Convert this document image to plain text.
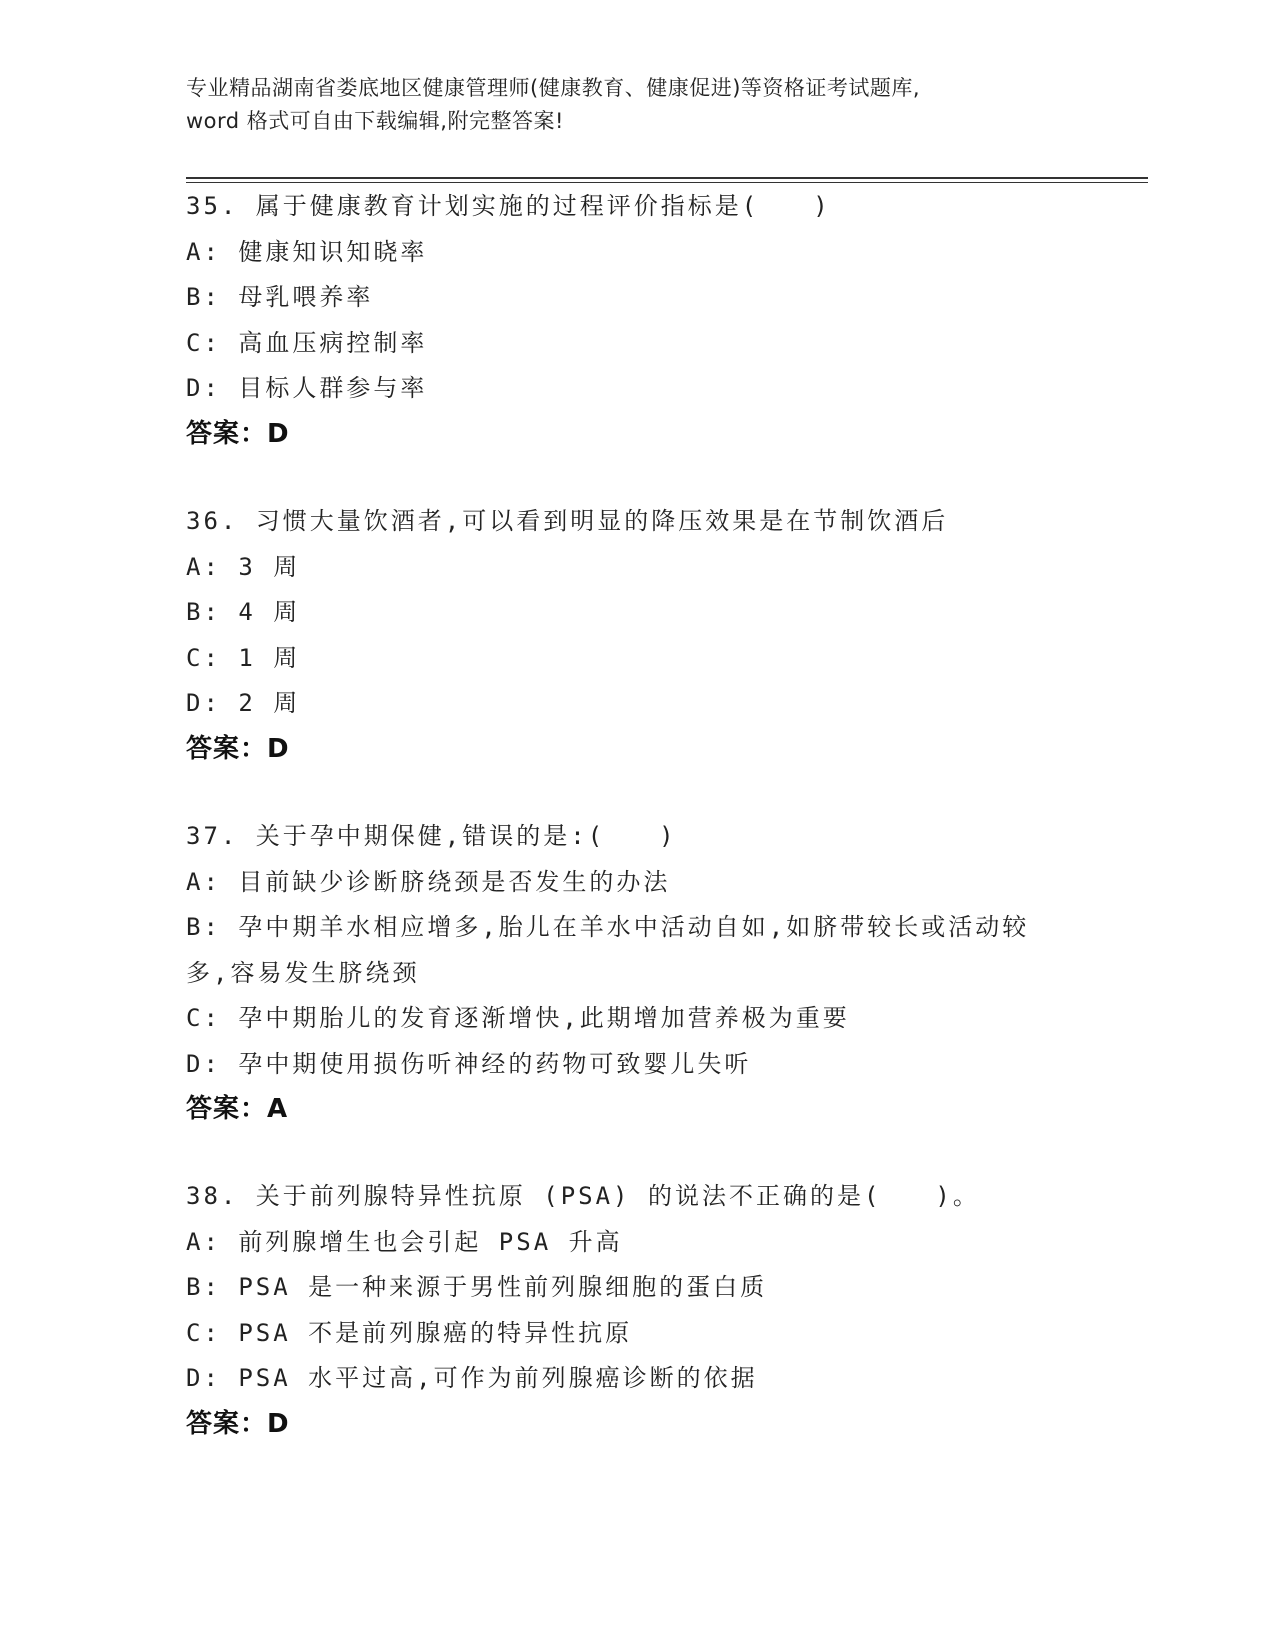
专业精品湖南省娄底地区健康管理师(健康教育、健康促进)等资格证考试题库,
word 格式可自由下载编辑,附完整答案!
35. 属于健康教育计划实施的过程评价指标是(　　)
A: 健康知识知晓率
B: 母乳喂养率
C: 高血压病控制率
D: 目标人群参与率
答案：D
36. 习惯大量饮酒者,可以看到明显的降压效果是在节制饮酒后
A: 3 周
B: 4 周
C: 1 周
D: 2 周
答案：D
37. 关于孕中期保健,错误的是:(　　)
A: 目前缺少诊断脐绕颈是否发生的办法
B: 孕中期羊水相应增多,胎儿在羊水中活动自如,如脐带较长或活动较
多,容易发生脐绕颈
C: 孕中期胎儿的发育逐渐增快,此期增加营养极为重要
D: 孕中期使用损伤听神经的药物可致婴儿失听
答案：A
38. 关于前列腺特异性抗原 (PSA) 的说法不正确的是(　　)。
A: 前列腺增生也会引起 PSA 升高
B: PSA 是一种来源于男性前列腺细胞的蛋白质
C: PSA 不是前列腺癌的特异性抗原
D: PSA 水平过高,可作为前列腺癌诊断的依据
答案：D
